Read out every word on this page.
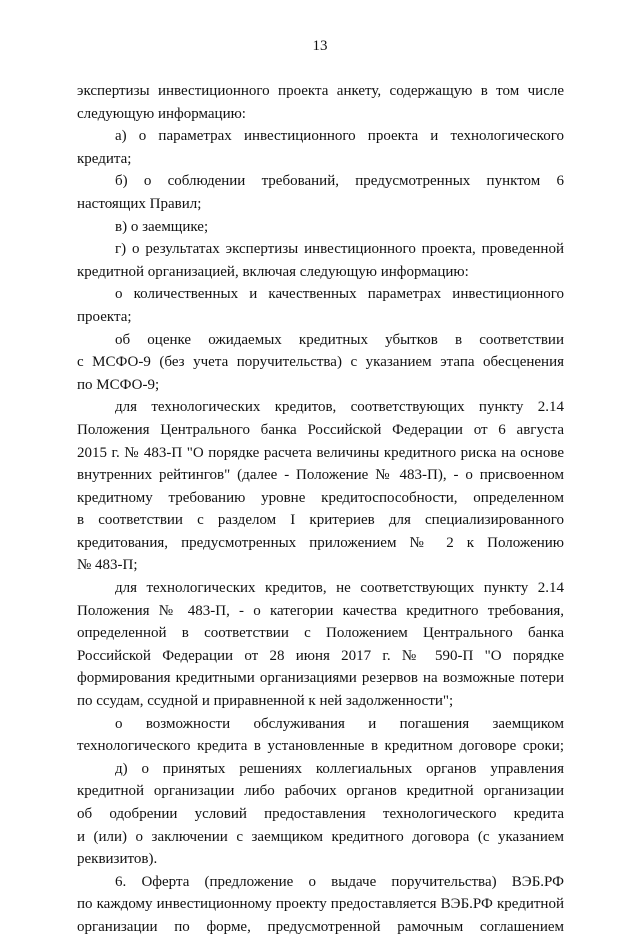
13
экспертизы инвестиционного проекта анкету, содержащую в том числе
следующую информацию:
а) о параметрах инвестиционного проекта и технологического
кредита;
б) о соблюдении требований, предусмотренных пунктом 6
настоящих Правил;
в) о заемщике;
г) о результатах экспертизы инвестиционного проекта, проведенной
кредитной организацией, включая следующую информацию:
о количественных и качественных параметрах инвестиционного
проекта;
об оценке ожидаемых кредитных убытков в соответствии
с МСФО-9 (без учета поручительства) с указанием этапа обесценения
по МСФО-9;
для технологических кредитов, соответствующих пункту 2.14
Положения Центрального банка Российской Федерации от 6 августа
2015 г. № 483-П "О порядке расчета величины кредитного риска на основе
внутренних рейтингов" (далее - Положение № 483-П), - о присвоенном
кредитному требованию уровне кредитоспособности, определенном
в соответствии с разделом I критериев для специализированного
кредитования, предусмотренных приложением № 2 к Положению
№ 483-П;
для технологических кредитов, не соответствующих пункту 2.14
Положения № 483-П, - о категории качества кредитного требования,
определенной в соответствии с Положением Центрального банка
Российской Федерации от 28 июня 2017 г. № 590-П "О порядке
формирования кредитными организациями резервов на возможные потери
по ссудам, ссудной и приравненной к ней задолженности";
о возможности обслуживания и погашения заемщиком
технологического кредита в установленные в кредитном договоре сроки;
д) о принятых решениях коллегиальных органов управления
кредитной организации либо рабочих органов кредитной организации
об одобрении условий предоставления технологического кредита
и (или) о заключении с заемщиком кредитного договора (с указанием
реквизитов).
6. Оферта (предложение о выдаче поручительства) ВЭБ.РФ
по каждому инвестиционному проекту предоставляется ВЭБ.РФ кредитной
организации по форме, предусмотренной рамочным соглашением
